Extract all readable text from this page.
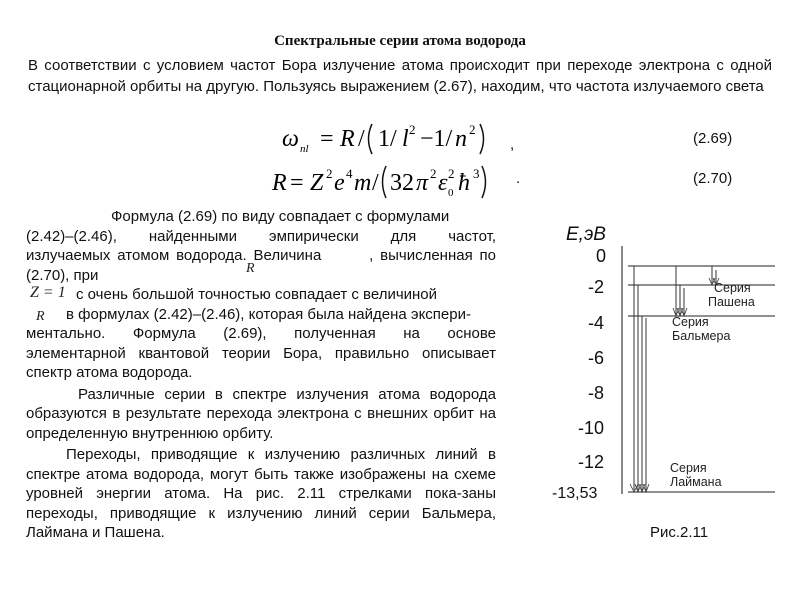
Спектральные серии атома водорода
В соответствии с условием частот Бора излучение атома происходит при переходе электрона с одной стационарной орбиты на другую. Пользуясь выражением (2.67), находим, что частота излучаемого света
ω nl = R / 1/ l 2 −1/ n 2
,	(2.69)
R = Z 2 e 4 m / 32 π 2 ε 2
0 ħ 3 .	(2.70)

Формула (2.69) по виду совпадает с формулами
(2.42)–(2.46), найденными эмпирически для частот,
излучаемых атомом водорода. Величина       , вычисленная по
(2.70), при
с очень большой точностью совпадает с величиной
в формулах (2.42)–(2.46), которая была найдена экспери-
ментально. Формула (2.69), полученная на основе
элементарной квантовой теории Бора, правильно описывает
спектр атома водорода.

Различные серии в спектре излучения атома водорода образуются в результате перехода электрона с внешних орбит на определенную внутреннюю орбиту.

Переходы, приводящие к излучению различных линий в спектре атома водорода, могут быть также изображены на схеме уровней энергии атома. На рис. 2.11 стрелками пока-заны переходы, приводящие к излучению линий серии Бальмера, Лаймана и Пашена.

R
Z = 1
R
E,эВ
0
-2
-4
-6
-8
-10
-12
-13,53
Серия
Пашена
Серия
Бальмера
Серия
Лаймана
Рис.2.11
